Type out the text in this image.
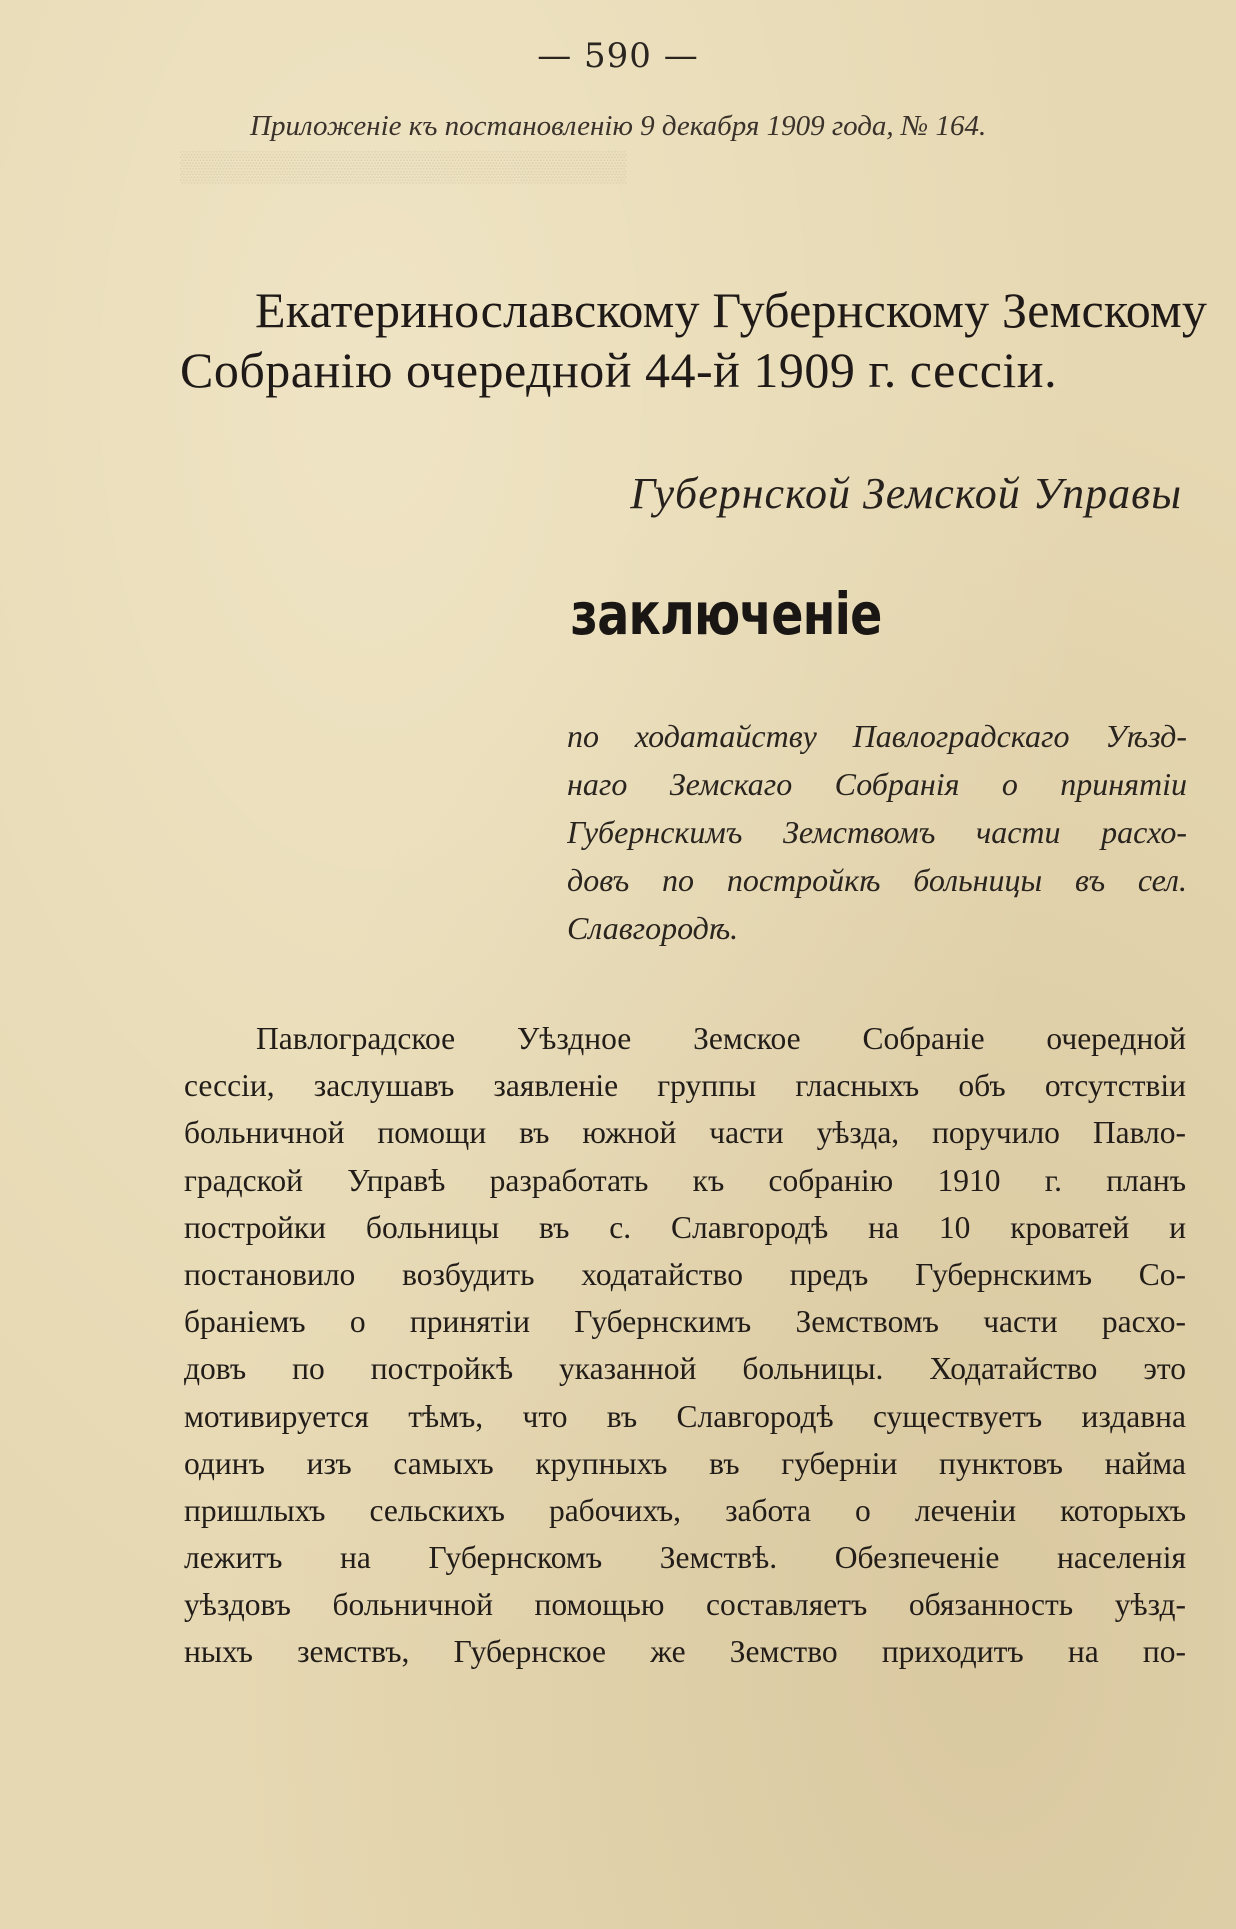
▒▒▒▒▒▒▒▒▒▒▒▒▒▒▒▒▒▒▒▒▒
— 590 —
Приложеніе къ постановленію 9 декабря 1909 года, № 164.
Екатеринославскому Губернскому Земскому
Собранію очередной 44-й 1909 г. сессіи.
Губернской Земской Управы
заключеніе
по ходатайству Павлоградскаго Уѣзд-
наго Земскаго Собранія о принятіи
Губернскимъ Земствомъ части расхо-
довъ по постройкѣ больницы въ сел.
Славгородѣ.
Павлоградское Уѣздное Земское Собраніе очередной
сессіи, заслушавъ заявленіе группы гласныхъ объ отсутствіи
больничной помощи въ южной части уѣзда, поручило Павло-
градской Управѣ разработать къ собранію 1910 г. планъ
постройки больницы въ с. Славгородѣ на 10 кроватей и
постановило возбудить ходатайство предъ Губернскимъ Со-
браніемъ о принятіи Губернскимъ Земствомъ части расхо-
довъ по постройкѣ указанной больницы. Ходатайство это
мотивируется тѣмъ, что въ Славгородѣ существуетъ издавна
одинъ изъ самыхъ крупныхъ въ губерніи пунктовъ найма
пришлыхъ сельскихъ рабочихъ, забота о леченіи которыхъ
лежитъ на Губернскомъ Земствѣ. Обезпеченіе населенія
уѣздовъ больничной помощью составляетъ обязанность уѣзд-
ныхъ земствъ, Губернское же Земство приходитъ на по-
